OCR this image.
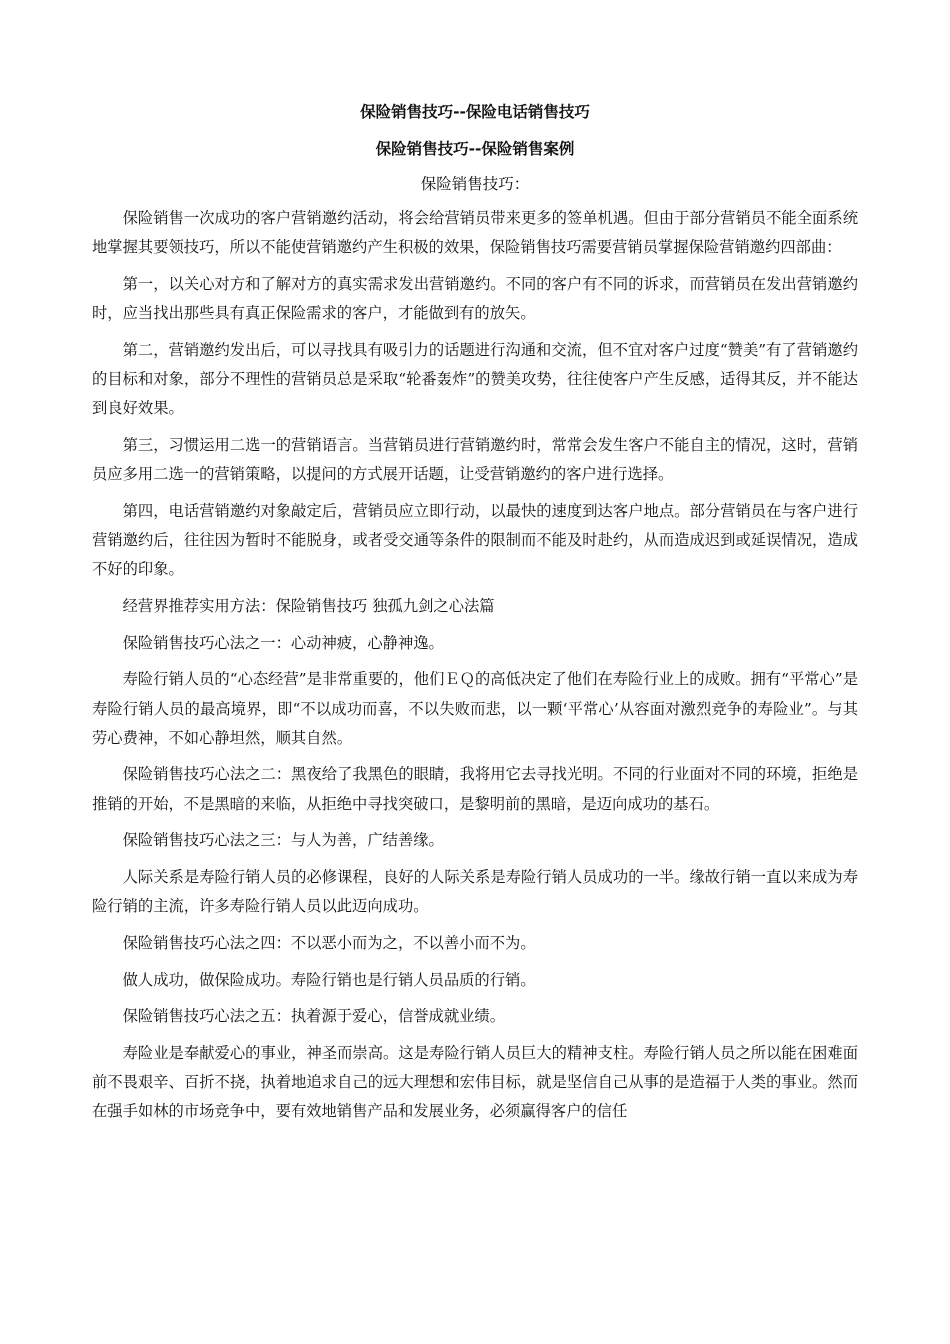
保险销售技巧--保险电话销售技巧
保险销售技巧--保险销售案例
保险销售技巧：

保险销售一次成功的客户营销邀约活动，将会给营销员带来更多的签单机遇。但由于部分营销员不能全面系统地掌握其要领技巧，所以不能使营销邀约产生积极的效果，保险销售技巧需要营销员掌握保险营销邀约四部曲：

第一，以关心对方和了解对方的真实需求发出营销邀约。不同的客户有不同的诉求，而营销员在发出营销邀约时，应当找出那些具有真正保险需求的客户，才能做到有的放矢。

第二，营销邀约发出后，可以寻找具有吸引力的话题进行沟通和交流，但不宜对客户过度“赞美”有了营销邀约的目标和对象，部分不理性的营销员总是采取“轮番轰炸”的赞美攻势，往往使客户产生反感，适得其反，并不能达到良好效果。

第三，习惯运用二选一的营销语言。当营销员进行营销邀约时，常常会发生客户不能自主的情况，这时，营销员应多用二选一的营销策略，以提问的方式展开话题，让受营销邀约的客户进行选择。

第四，电话营销邀约对象敲定后，营销员应立即行动，以最快的速度到达客户地点。部分营销员在与客户进行营销邀约后，往往因为暂时不能脱身，或者受交通等条件的限制而不能及时赴约，从而造成迟到或延误情况，造成不好的印象。

经营界推荐实用方法：保险销售技巧 独孤九剑之心法篇

保险销售技巧心法之一：心动神疲，心静神逸。

寿险行销人员的“心态经营”是非常重要的，他们ＥＱ的高低决定了他们在寿险行业上的成败。拥有“平常心”是寿险行销人员的最高境界，即“不以成功而喜，不以失败而悲，以一颗‘平常心’从容面对激烈竞争的寿险业”。与其劳心费神，不如心静坦然，顺其自然。

保险销售技巧心法之二：黑夜给了我黑色的眼睛，我将用它去寻找光明。不同的行业面对不同的环境，拒绝是推销的开始，不是黑暗的来临，从拒绝中寻找突破口，是黎明前的黑暗，是迈向成功的基石。

保险销售技巧心法之三：与人为善，广结善缘。

人际关系是寿险行销人员的必修课程，良好的人际关系是寿险行销人员成功的一半。缘故行销一直以来成为寿险行销的主流，许多寿险行销人员以此迈向成功。

保险销售技巧心法之四：不以恶小而为之，不以善小而不为。

做人成功，做保险成功。寿险行销也是行销人员品质的行销。

保险销售技巧心法之五：执着源于爱心，信誉成就业绩。

寿险业是奉献爱心的事业，神圣而崇高。这是寿险行销人员巨大的精神支柱。寿险行销人员之所以能在困难面前不畏艰辛、百折不挠，执着地追求自己的远大理想和宏伟目标，就是坚信自己从事的是造福于人类的事业。然而在强手如林的市场竞争中，要有效地销售产品和发展业务，必须赢得客户的信任
